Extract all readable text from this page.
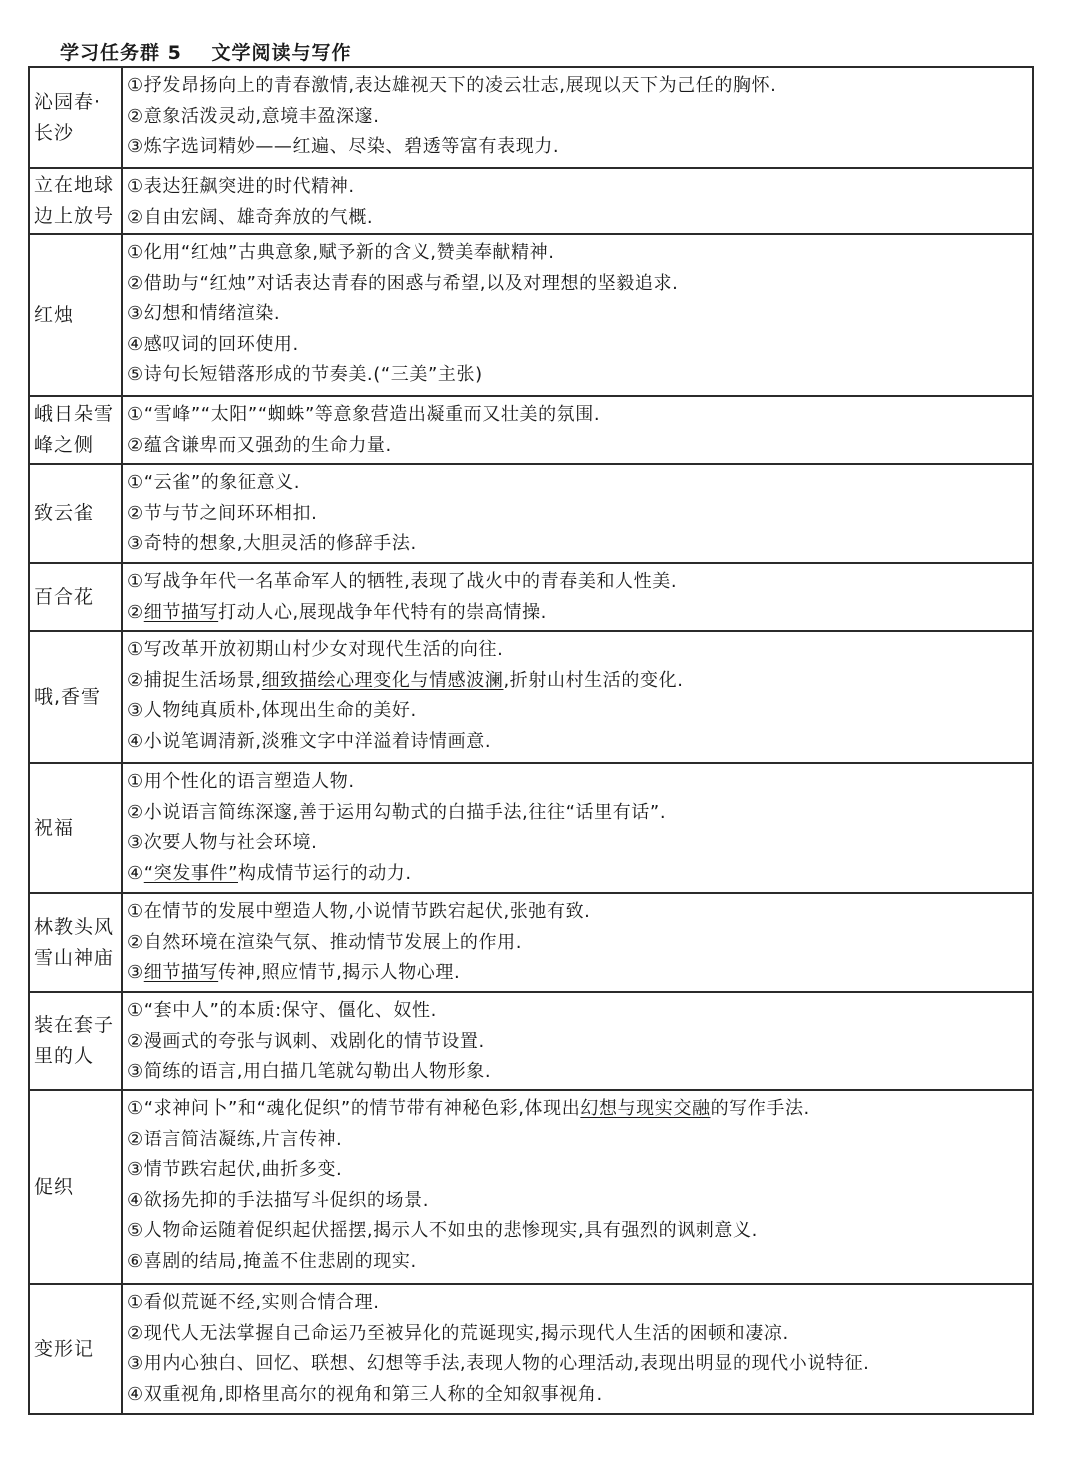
学习任务群 5 文学阅读与写作
沁园春·长沙
①抒发昂扬向上的青春激情,表达雄视天下的凌云壮志,展现以天下为己任的胸怀.
②意象活泼灵动,意境丰盈深邃.
③炼字选词精妙——红遍、尽染、碧透等富有表现力.
立在地球边上放号
①表达狂飙突进的时代精神.
②自由宏阔、雄奇奔放的气概.
红烛
①化用“红烛”古典意象,赋予新的含义,赞美奉献精神.
②借助与“红烛”对话表达青春的困惑与希望,以及对理想的坚毅追求.
③幻想和情绪渲染.
④感叹词的回环使用.
⑤诗句长短错落形成的节奏美.(“三美”主张)
峨日朵雪峰之侧
①“雪峰”“太阳”“蜘蛛”等意象营造出凝重而又壮美的氛围.
②蕴含谦卑而又强劲的生命力量.
致云雀
①“云雀”的象征意义.
②节与节之间环环相扣.
③奇特的想象,大胆灵活的修辞手法.
百合花
①写战争年代一名革命军人的牺牲,表现了战火中的青春美和人性美.
②细节描写打动人心,展现战争年代特有的崇高情操.
哦,香雪
①写改革开放初期山村少女对现代生活的向往.
②捕捉生活场景,细致描绘心理变化与情感波澜,折射山村生活的变化.
③人物纯真质朴,体现出生命的美好.
④小说笔调清新,淡雅文字中洋溢着诗情画意.
祝福
①用个性化的语言塑造人物.
②小说语言简练深邃,善于运用勾勒式的白描手法,往往“话里有话”.
③次要人物与社会环境.
④“突发事件”构成情节运行的动力.
林教头风雪山神庙
①在情节的发展中塑造人物,小说情节跌宕起伏,张弛有致.
②自然环境在渲染气氛、推动情节发展上的作用.
③细节描写传神,照应情节,揭示人物心理.
装在套子里的人
①“套中人”的本质:保守、僵化、奴性.
②漫画式的夸张与讽刺、戏剧化的情节设置.
③简练的语言,用白描几笔就勾勒出人物形象.
促织
①“求神问卜”和“魂化促织”的情节带有神秘色彩,体现出幻想与现实交融的写作手法.
②语言简洁凝练,片言传神.
③情节跌宕起伏,曲折多变.
④欲扬先抑的手法描写斗促织的场景.
⑤人物命运随着促织起伏摇摆,揭示人不如虫的悲惨现实,具有强烈的讽刺意义.
⑥喜剧的结局,掩盖不住悲剧的现实.
变形记
①看似荒诞不经,实则合情合理.
②现代人无法掌握自己命运乃至被异化的荒诞现实,揭示现代人生活的困顿和凄凉.
③用内心独白、回忆、联想、幻想等手法,表现人物的心理活动,表现出明显的现代小说特征.
④双重视角,即格里高尔的视角和第三人称的全知叙事视角.
